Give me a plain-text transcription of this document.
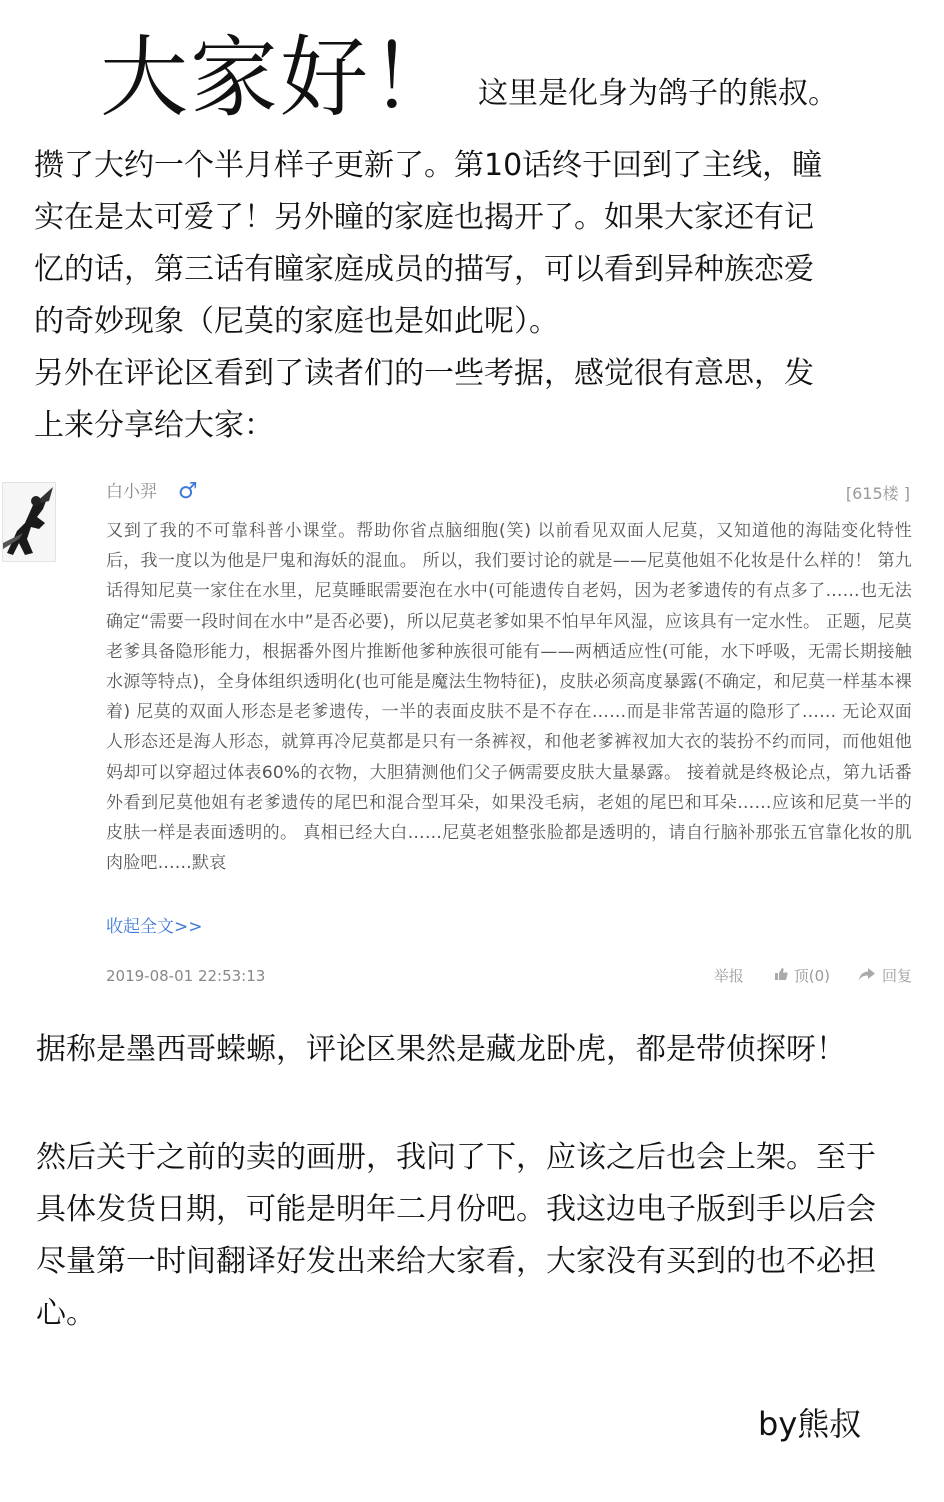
大家好！ 这里是化身为鸽子的熊叔。

攒了大约一个半月样子更新了。第10话终于回到了主线，瞳

实在是太可爱了！另外瞳的家庭也揭开了。如果大家还有记

忆的话，第三话有瞳家庭成员的描写，可以看到异种族恋爱

的奇妙现象（尼莫的家庭也是如此呢）。

另外在评论区看到了读者们的一些考据，感觉很有意思，发

上来分享给大家：

白小羿 ♂	[615楼 ]
又到了我的不可靠科普小课堂。帮助你省点脑细胞(笑) 以前看见双面人尼莫，又知道他的海陆变化特性后，我一度以为他是尸鬼和海妖的混血。 所以，我们要讨论的就是——尼莫他姐不化妆是什么样的！ 第九话得知尼莫一家住在水里，尼莫睡眠需要泡在水中(可能遗传自老妈，因为老爹遗传的有点多了……也无法确定“需要一段时间在水中”是否必要)，所以尼莫老爹如果不怕早年风湿，应该具有一定水性。 正题，尼莫老爹具备隐形能力，根据番外图片推断他爹种族很可能有——两栖适应性(可能，水下呼吸，无需长期接触水源等特点)，全身体组织透明化(也可能是魔法生物特征)，皮肤必须高度暴露(不确定，和尼莫一样基本裸着) 尼莫的双面人形态是老爹遗传，一半的表面皮肤不是不存在……而是非常苦逼的隐形了…… 无论双面人形态还是海人形态，就算再冷尼莫都是只有一条裤衩，和他老爹裤衩加大衣的装扮不约而同，而他姐他妈却可以穿超过体表60%的衣物，大胆猜测他们父子俩需要皮肤大量暴露。 接着就是终极论点，第九话番外看到尼莫他姐有老爹遗传的尾巴和混合型耳朵，如果没毛病，老姐的尾巴和耳朵……应该和尼莫一半的皮肤一样是表面透明的。 真相已经大白……尼莫老姐整张脸都是透明的，请自行脑补那张五官靠化妆的肌肉脸吧……默哀
收起全文>>
2019-08-01 22:53:13	举报	顶(0)	回复
据称是墨西哥蝾螈，评论区果然是藏龙卧虎，都是带侦探呀！
然后关于之前的卖的画册，我问了下，应该之后也会上架。至于
具体发货日期，可能是明年二月份吧。我这边电子版到手以后会
尽量第一时间翻译好发出来给大家看，大家没有买到的也不必担
心。
by熊叔
